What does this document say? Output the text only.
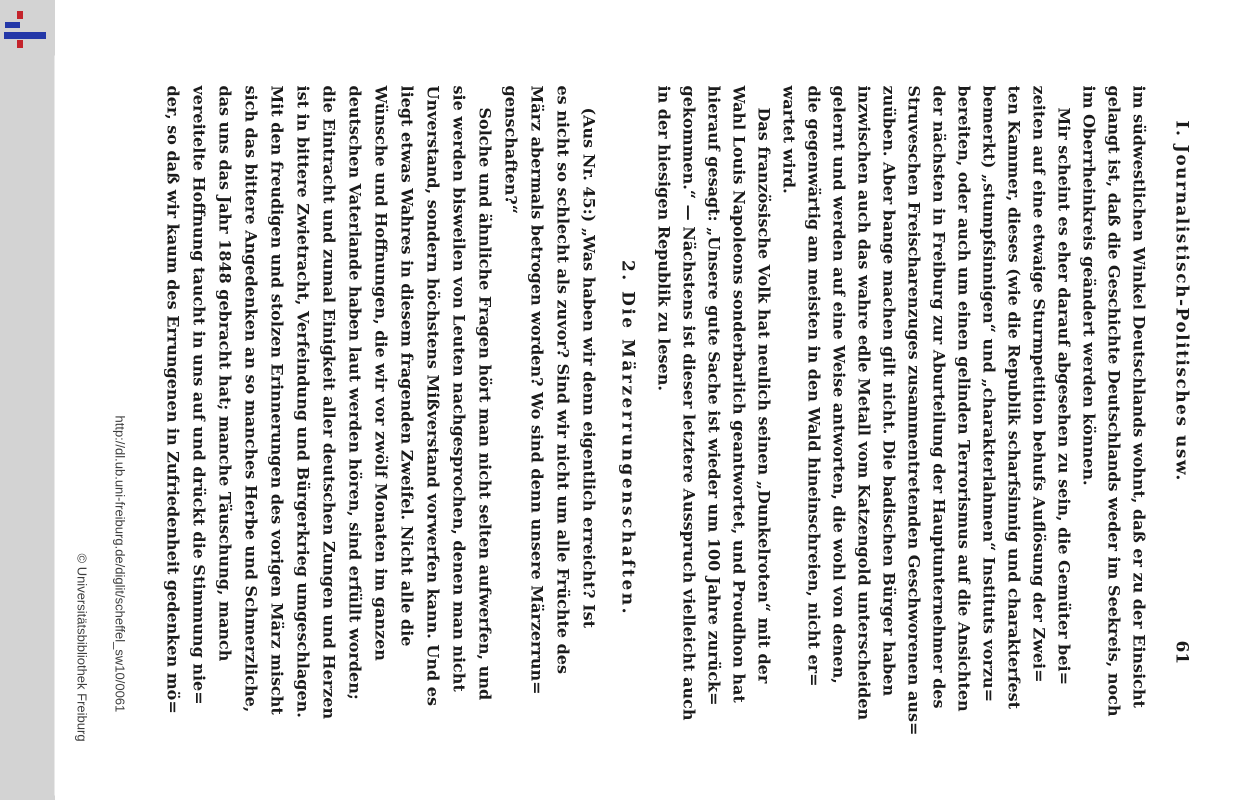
I. Journalistisch-Politisches usw.
61
im südwestlichen Winkel Deutschlands wohnt, daß er zu der Einsicht
gelangt ist, daß die Geschichte Deutschlands weder im Seekreis, noch
im Oberrheinkreis geändert werden können.
Mir scheint es eher darauf abgesehen zu sein, die Gemüter bei=
zeiten auf eine etwaige Sturmpetition behufs Auflösung der Zwei=
ten Kammer, dieses (wie die Republik scharfsinnig und charakterfest
bemerkt) „stumpfsinnigen“ und „charakterlahmen“ Instituts vorzu=
bereiten, oder auch um einen gelinden Terrorismus auf die Ansichten
der nächsten in Freiburg zur Aburteilung der Hauptunternehmer des
Struveschen Freischarenzuges zusammentretenden Geschworenen aus=
zuüben. Aber bange machen gilt nicht. Die badischen Bürger haben
inzwischen auch das wahre edle Metall vom Katzengold unterscheiden
gelernt und werden auf eine Weise antworten, die wohl von denen,
die gegenwärtig am meisten in den Wald hineinschreien, nicht er=
wartet wird.
Das französische Volk hat neulich seinen „Dunkelroten“ mit der
Wahl Louis Napoleons sonderbarlich geantwortet, und Proudhon hat
hierauf gesagt: „Unsere gute Sache ist wieder um 100 Jahre zurück=
gekommen.“ — Nächstens ist dieser letztere Ausspruch vielleicht auch
in der hiesigen Republik zu lesen.
2. Die Märzerrungenschaften.
(Aus Nr. 45:) „Was haben wir denn eigentlich erreicht? Ist
es nicht so schlecht als zuvor? Sind wir nicht um alle Früchte des
März abermals betrogen worden? Wo sind denn unsere Märzerrun=
genschaften?“
Solche und ähnliche Fragen hört man nicht selten aufwerfen, und
sie werden bisweilen von Leuten nachgesprochen, denen man nicht
Unverstand, sondern höchstens Mißverstand vorwerfen kann. Und es
liegt etwas Wahres in diesem fragenden Zweifel. Nicht alle die
Wünsche und Hoffnungen, die wir vor zwölf Monaten im ganzen
deutschen Vaterlande haben laut werden hören, sind erfüllt worden;
die Eintracht und zumal Einigkeit aller deutschen Zungen und Herzen
ist in bittere Zwietracht, Verfeindung und Bürgerkrieg umgeschlagen.
Mit den freudigen und stolzen Erinnerungen des vorigen März mischt
sich das bittere Angedenken an so manches Herbe und Schmerzliche,
das uns das Jahr 1848 gebracht hat; manche Täuschung, manch
vereitelte Hoffnung taucht in uns auf und drückt die Stimmung nie=
der, so daß wir kaum des Errungenen in Zufriedenheit gedenken mö=
http://dl.ub.uni-freiburg.de/diglit/scheffel_sw10/0061
© Universitätsbibliothek Freiburg
